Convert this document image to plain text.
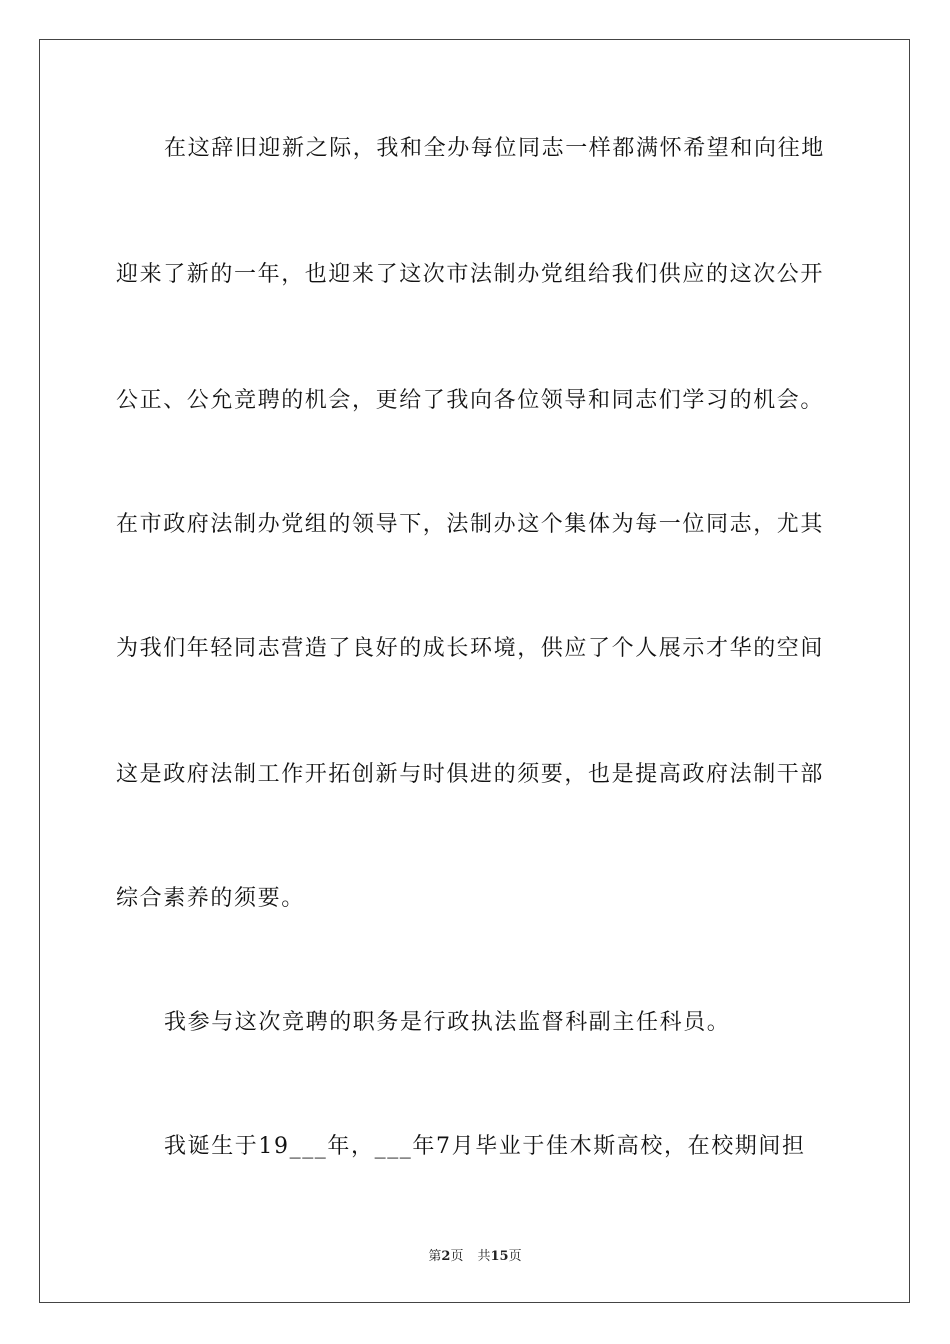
在这辞旧迎新之际，我和全办每位同志一样都满怀希望和向往地
迎来了新的一年，也迎来了这次市法制办党组给我们供应的这次公开
公正、公允竞聘的机会，更给了我向各位领导和同志们学习的机会。
在市政府法制办党组的领导下，法制办这个集体为每一位同志，尤其
为我们年轻同志营造了良好的成长环境，供应了个人展示才华的空间
这是政府法制工作开拓创新与时俱进的须要，也是提高政府法制干部
综合素养的须要。
我参与这次竞聘的职务是行政执法监督科副主任科员。
我诞生于19___年，___年7月毕业于佳木斯高校，在校期间担
第2页 共15页
